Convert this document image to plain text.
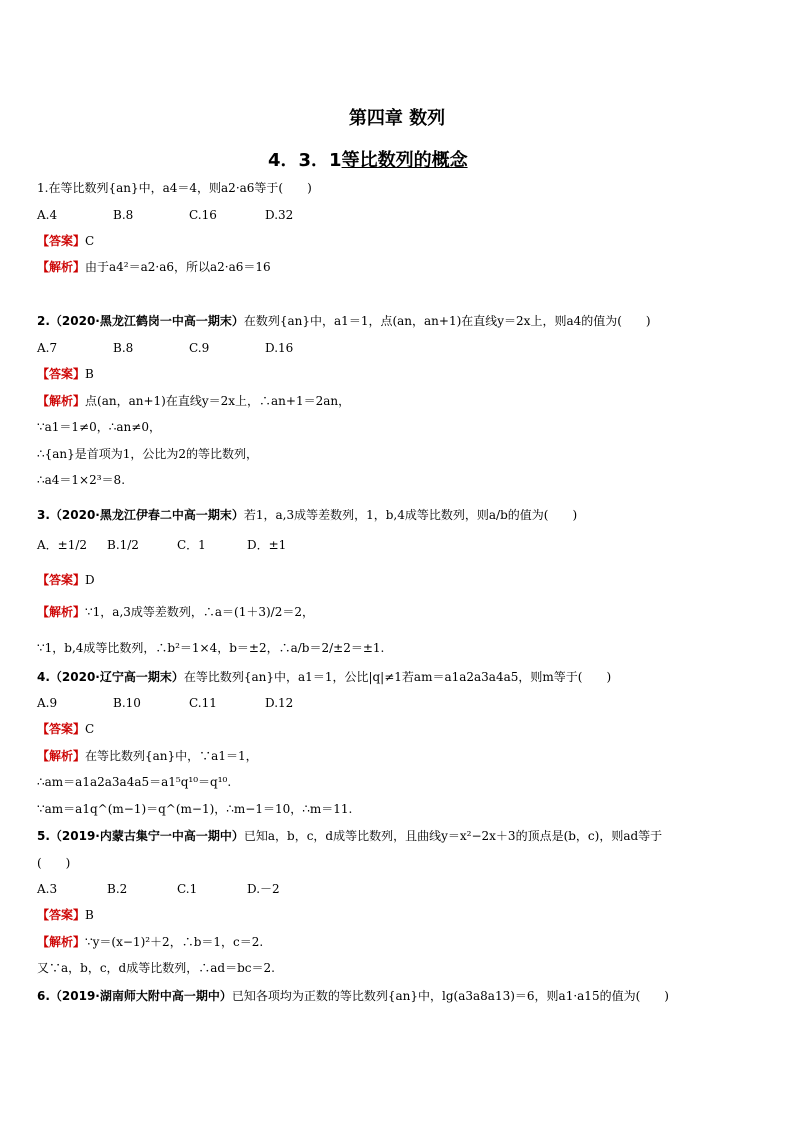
第四章 数列
4．3．1等比数列的概念
1.在等比数列{an}中，a4＝4，则a2·a6等于(　　)
A.4	B.8	C.16	D.32
【答案】C
【解析】由于a4²＝a2·a6，所以a2·a6＝16
2.（2020·黑龙江鹤岗一中高一期末）在数列{an}中，a1＝1，点(an，an+1)在直线y＝2x上，则a4的值为(　　)
A.7	B.8	C.9	D.16
【答案】B
【解析】点(an，an+1)在直线y＝2x上，∴an+1＝2an，
∵a1＝1≠0，∴an≠0，
∴{an}是首项为1，公比为2的等比数列，
∴a4＝1×2³＝8.
3.（2020·黑龙江伊春二中高一期末）若1，a,3成等差数列，1，b,4成等比数列，则a/b的值为(　　)
A．±1/2 B.1/2	C．1	D．±1
【答案】D
【解析】∵1，a,3成等差数列，∴a＝(1＋3)/2＝2，
∵1，b,4成等比数列，∴b²＝1×4，b＝±2，∴a/b＝2/±2＝±1.
4.（2020·辽宁高一期末）在等比数列{an}中，a1＝1，公比|q|≠1若am＝a1a2a3a4a5，则m等于(　　)
A.9	B.10	C.11	D.12
【答案】C
【解析】在等比数列{an}中，∵a1＝1，
∴am＝a1a2a3a4a5＝a1⁵q¹⁰＝q¹⁰.
∵am＝a1q^(m−1)＝q^(m−1)，∴m−1＝10，∴m＝11.
5.（2019·内蒙古集宁一中高一期中）已知a，b，c，d成等比数列，且曲线y＝x²−2x＋3的顶点是(b，c)，则ad等于
(　　)
A.3	B.2	C.1	D.－2
【答案】B
【解析】∵y＝(x−1)²＋2，∴b＝1，c＝2.
又∵a，b，c，d成等比数列，∴ad＝bc＝2.
6.（2019·湖南师大附中高一期中）已知各项均为正数的等比数列{an}中，lg(a3a8a13)＝6，则a1·a15的值为(　　)
